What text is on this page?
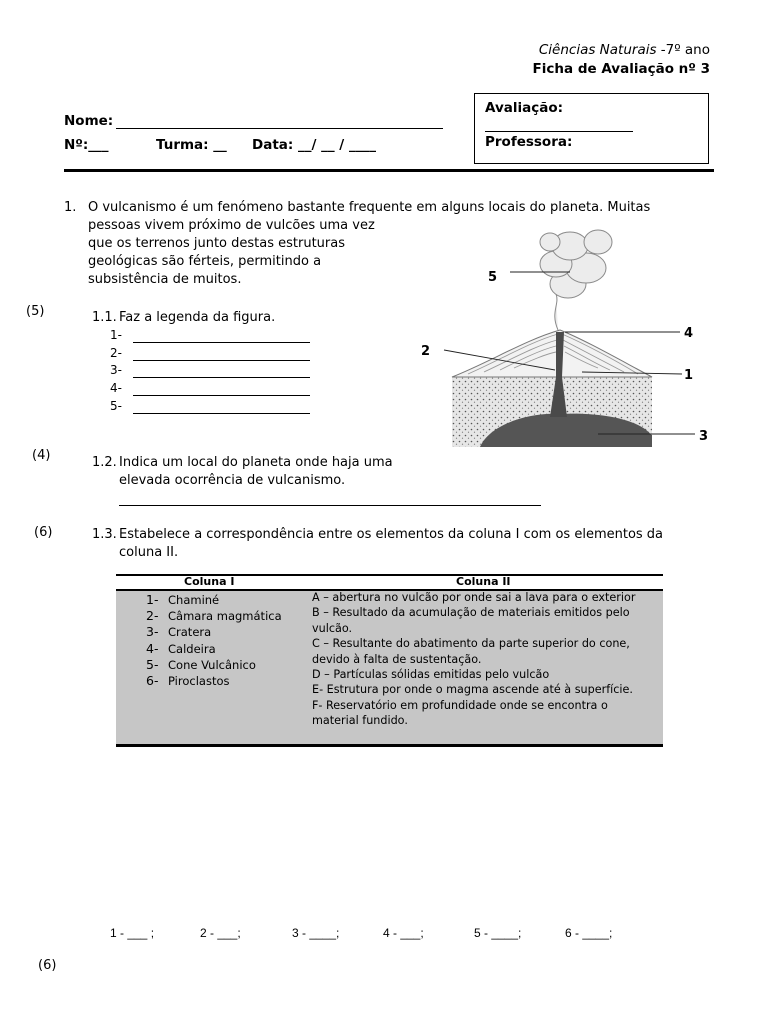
Ciências Naturais -7º ano
Ficha de Avaliação nº 3
Nome:
Nº:___	Turma: __ Data: __/ __ / ____
Avaliação:
Professora:
1. O vulcanismo é um fenómeno bastante frequente em alguns locais do planeta. Muitas
pessoas vivem próximo de vulcões uma vez
que os terrenos junto destas estruturas
geológicas são férteis, permitindo a
subsistência de muitos.
(5)	1.1. Faz a legenda da figura.
1-
2-
3-
4-
5-
5
2
4
1
3
(4)	1.2. Indica um local do planeta onde haja uma
elevada ocorrência de vulcanismo.
(6)	1.3. Estabelece a correspondência entre os elementos da coluna I com os elementos da
coluna II.
Coluna I	Coluna II
1- Chaminé
2- Câmara magmática
3- Cratera
4- Caldeira
5- Cone Vulcânico
6- Piroclastos
A – abertura no vulcão por onde sai a lava para o exterior
B – Resultado da acumulação de materiais emitidos pelo
vulcão.
C – Resultante do abatimento da parte superior do cone,
devido à falta de sustentação.
D – Partículas sólidas emitidas pelo vulcão
E- Estrutura por onde o magma ascende até à superfície.
F- Reservatório em profundidade onde se encontra o
material fundido.
1 - ___ ;	2 - ___;	3 - ____;	4 - ___;	5 - ____;	6 - ____;
(6)
